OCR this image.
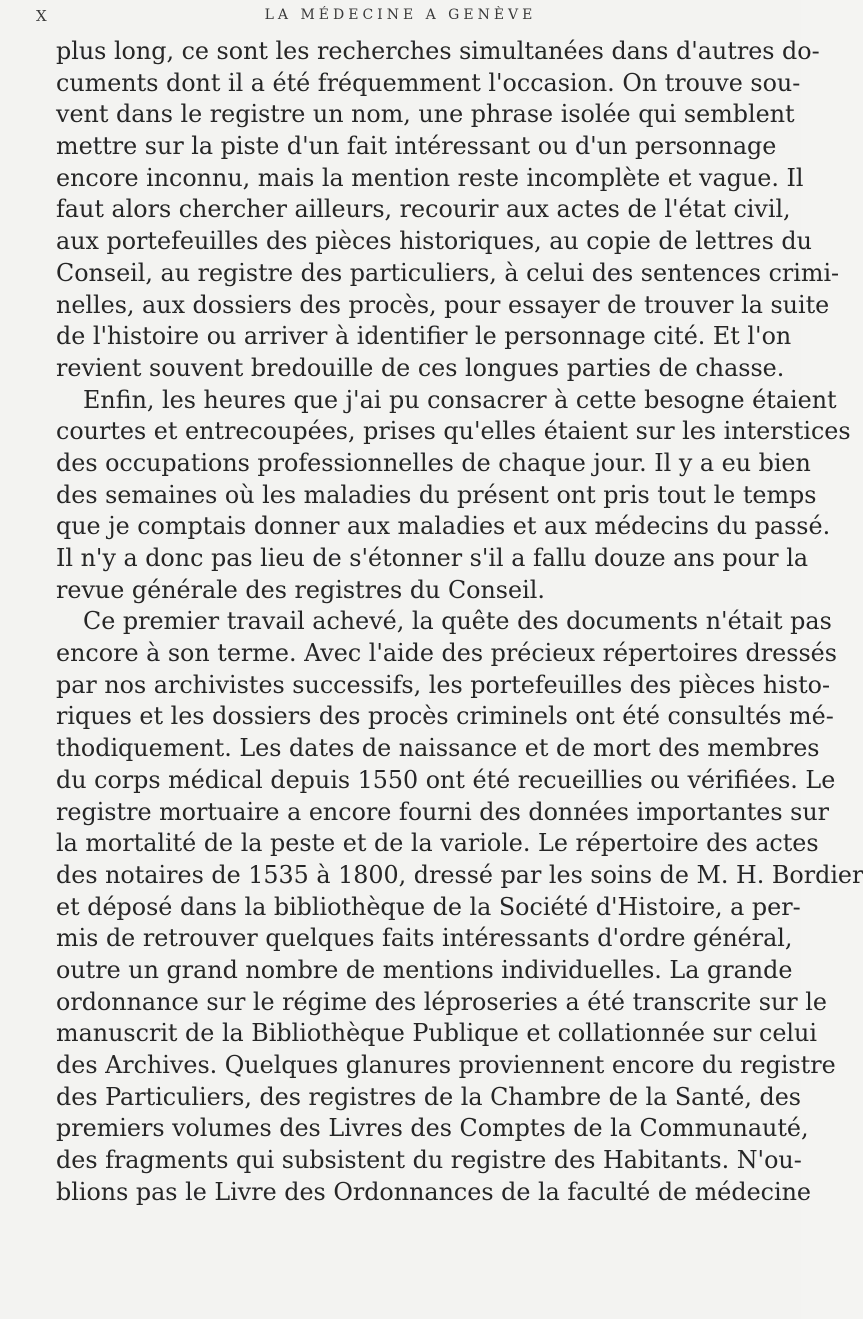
X	LA MÉDECINE A GENÈVE
plus long, ce sont les recherches simultanées dans d'autres do-
cuments dont il a été fréquemment l'occasion. On trouve sou-
vent dans le registre un nom, une phrase isolée qui semblent
mettre sur la piste d'un fait intéressant ou d'un personnage
encore inconnu, mais la mention reste incomplète et vague. Il
faut alors chercher ailleurs, recourir aux actes de l'état civil,
aux portefeuilles des pièces historiques, au copie de lettres du
Conseil, au registre des particuliers, à celui des sentences crimi-
nelles, aux dossiers des procès, pour essayer de trouver la suite
de l'histoire ou arriver à identifier le personnage cité. Et l'on
revient souvent bredouille de ces longues parties de chasse.
Enfin, les heures que j'ai pu consacrer à cette besogne étaient
courtes et entrecoupées, prises qu'elles étaient sur les interstices
des occupations professionnelles de chaque jour. Il y a eu bien
des semaines où les maladies du présent ont pris tout le temps
que je comptais donner aux maladies et aux médecins du passé.
Il n'y a donc pas lieu de s'étonner s'il a fallu douze ans pour la
revue générale des registres du Conseil.
Ce premier travail achevé, la quête des documents n'était pas
encore à son terme. Avec l'aide des précieux répertoires dressés
par nos archivistes successifs, les portefeuilles des pièces histo-
riques et les dossiers des procès criminels ont été consultés mé-
thodiquement. Les dates de naissance et de mort des membres
du corps médical depuis 1550 ont été recueillies ou vérifiées. Le
registre mortuaire a encore fourni des données importantes sur
la mortalité de la peste et de la variole. Le répertoire des actes
des notaires de 1535 à 1800, dressé par les soins de M. H. Bordier
et déposé dans la bibliothèque de la Société d'Histoire, a per-
mis de retrouver quelques faits intéressants d'ordre général,
outre un grand nombre de mentions individuelles. La grande
ordonnance sur le régime des léproseries a été transcrite sur le
manuscrit de la Bibliothèque Publique et collationnée sur celui
des Archives. Quelques glanures proviennent encore du registre
des Particuliers, des registres de la Chambre de la Santé, des
premiers volumes des Livres des Comptes de la Communauté,
des fragments qui subsistent du registre des Habitants. N'ou-
blions pas le Livre des Ordonnances de la faculté de médecine
